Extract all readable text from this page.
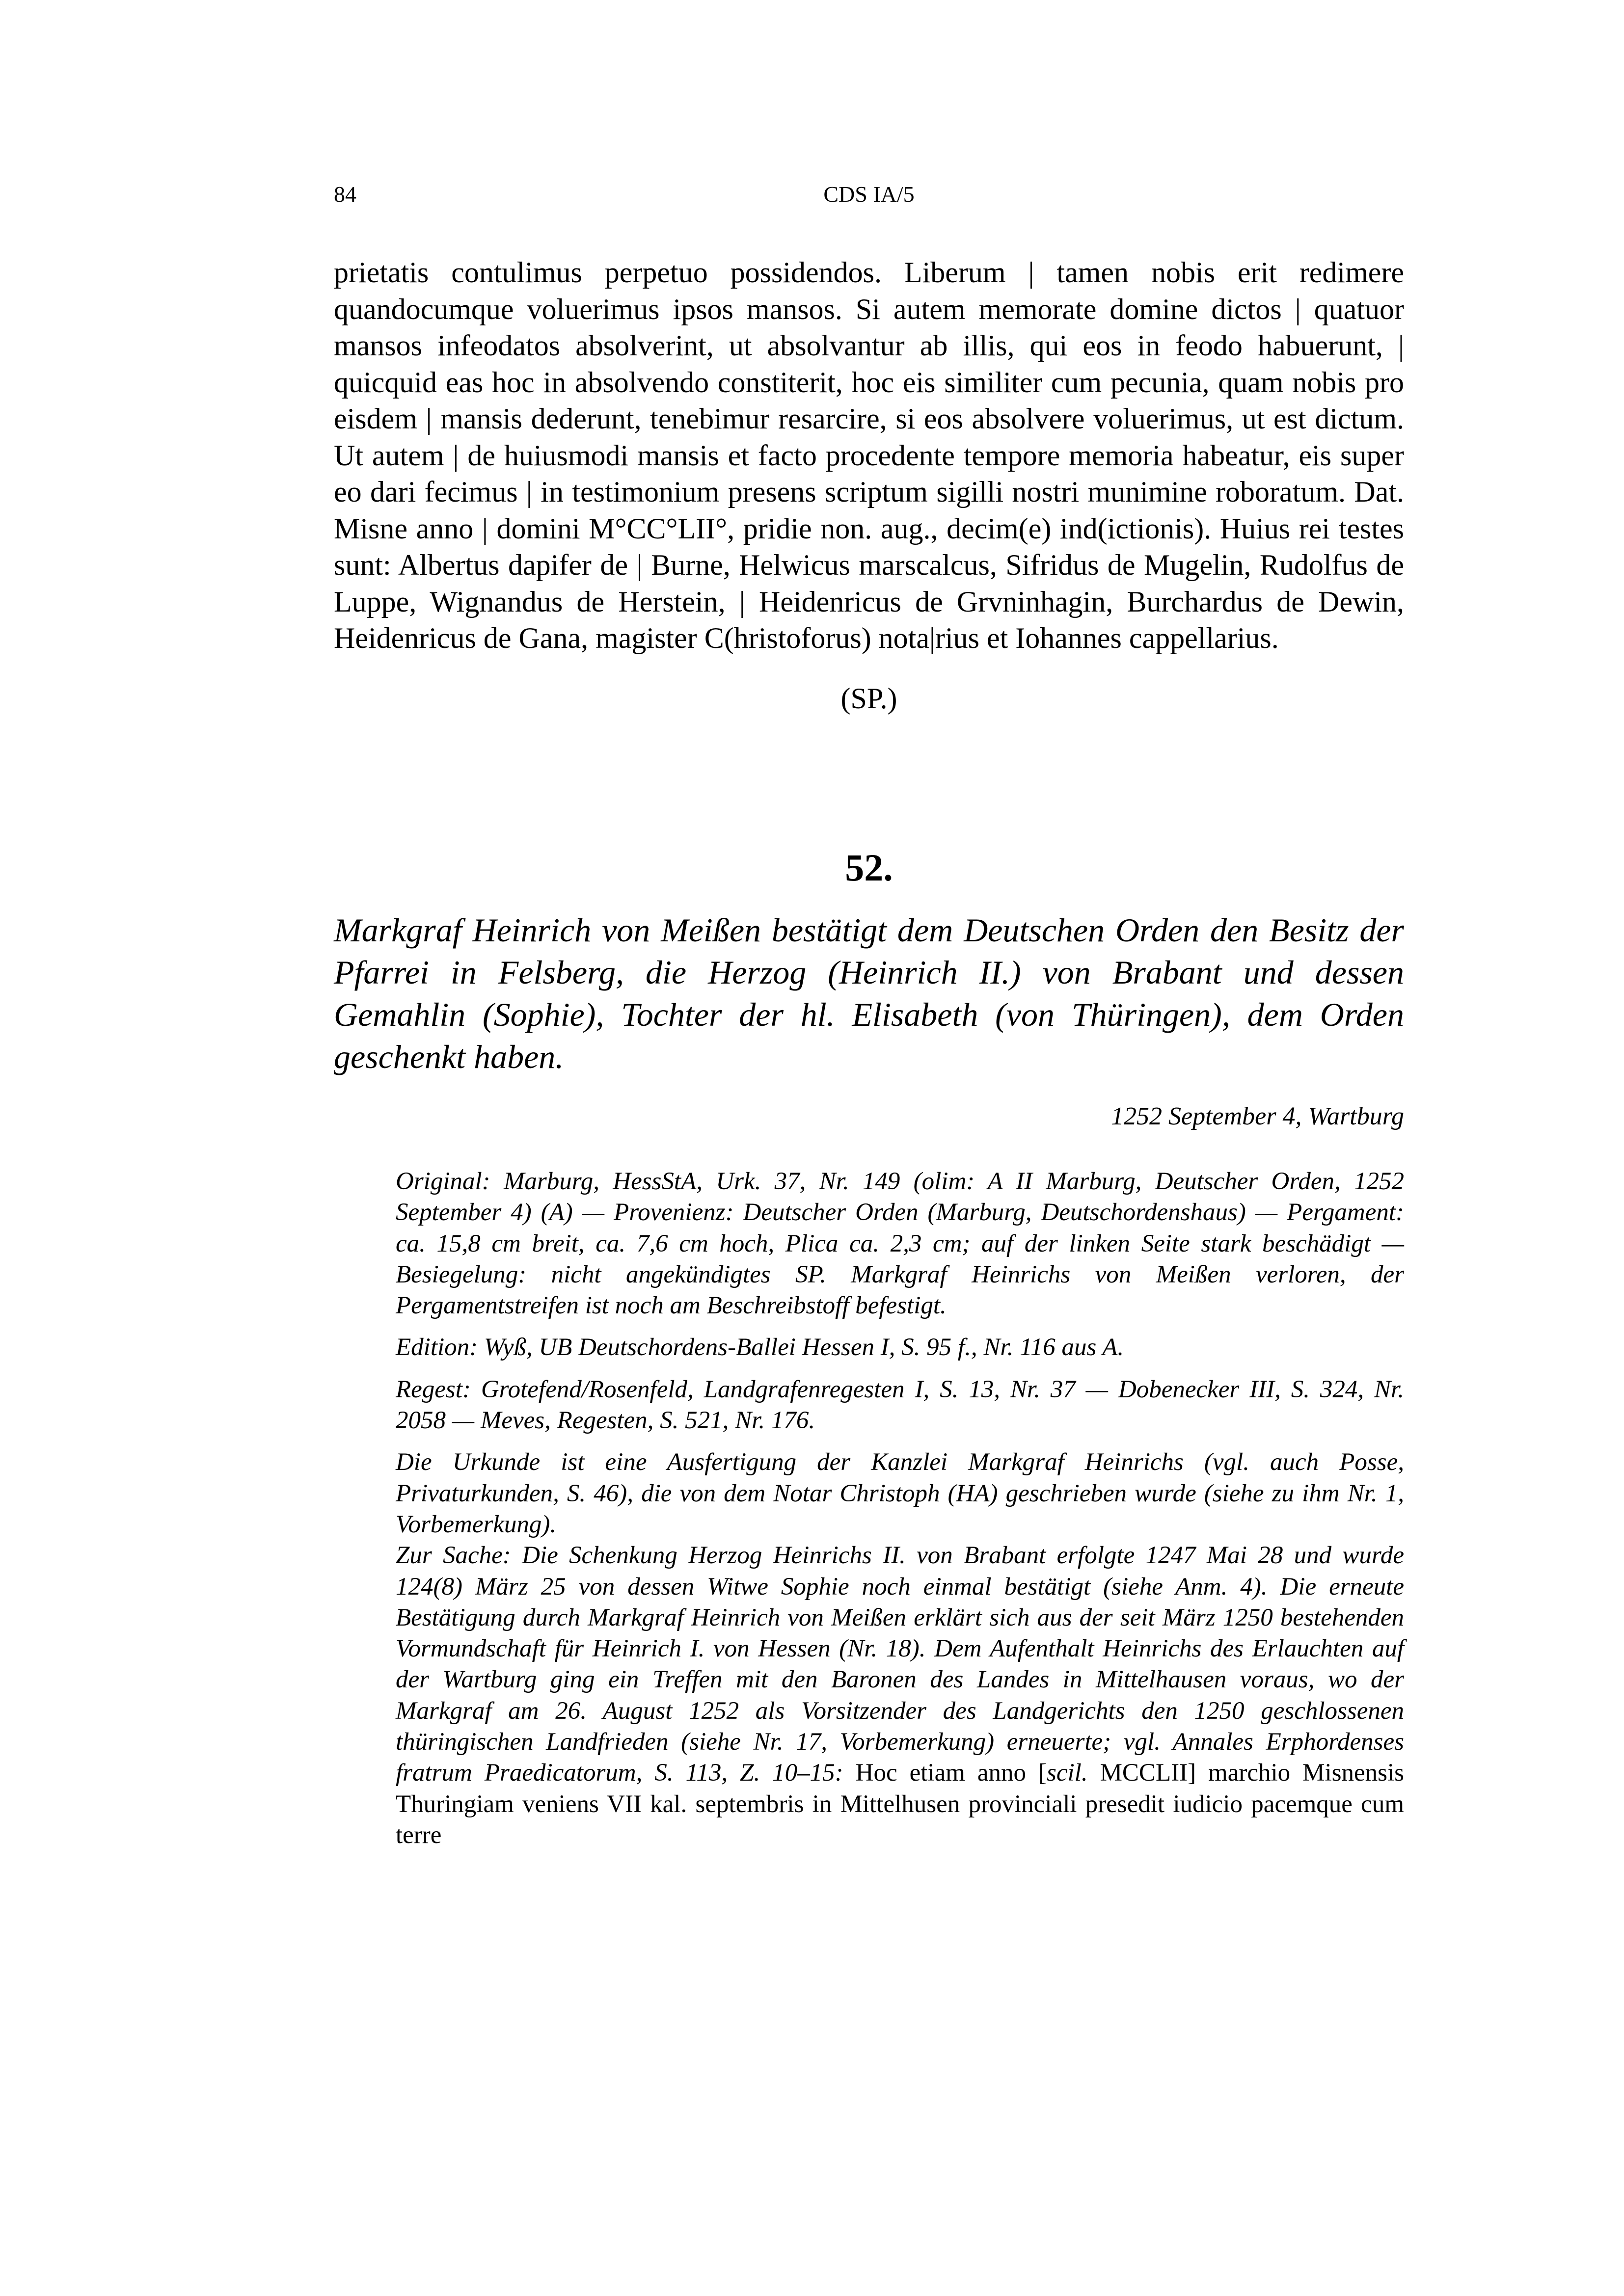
84	CDS IA/5

prietatis contulimus perpetuo possidendos. Liberum | tamen nobis erit redimere quandocumque voluerimus ipsos mansos. Si autem memorate domine dictos | quatuor mansos infeodatos absolverint, ut absolvantur ab illis, qui eos in feodo habuerunt, | quicquid eas hoc in absolvendo constiterit, hoc eis similiter cum pecunia, quam nobis pro eisdem | mansis dederunt, tenebimur resarcire, si eos absolvere voluerimus, ut est dictum. Ut autem | de huiusmodi mansis et facto procedente tempore memoria habeatur, eis super eo dari fecimus | in testimonium presens scriptum sigilli nostri munimine roboratum. Dat. Misne anno | domini M°CC°LII°, pridie non. aug., decim(e) ind(ictionis). Huius rei testes sunt: Albertus dapifer de | Burne, Helwicus marscalcus, Sifridus de Mugelin, Rudolfus de Luppe, Wignandus de Herstein, | Heidenricus de Grvninhagin, Burchardus de Dewin, Heidenricus de Gana, magister C(hristoforus) nota|rius et Iohannes cappellarius.

(SP.)

52.

Markgraf Heinrich von Meißen bestätigt dem Deutschen Orden den Besitz der Pfarrei in Felsberg, die Herzog (Heinrich II.) von Brabant und dessen Gemahlin (Sophie), Tochter der hl. Elisabeth (von Thüringen), dem Orden geschenkt haben.

1252 September 4, Wartburg

Original: Marburg, HessStA, Urk. 37, Nr. 149 (olim: A II Marburg, Deutscher Orden, 1252 September 4) (A) — Provenienz: Deutscher Orden (Marburg, Deutschordenshaus) — Pergament: ca. 15,8 cm breit, ca. 7,6 cm hoch, Plica ca. 2,3 cm; auf der linken Seite stark beschädigt — Besiegelung: nicht angekündigtes SP. Markgraf Heinrichs von Meißen verloren, der Pergamentstreifen ist noch am Beschreibstoff befestigt.

Edition: Wyß, UB Deutschordens-Ballei Hessen I, S. 95 f., Nr. 116 aus A.

Regest: Grotefend/Rosenfeld, Landgrafenregesten I, S. 13, Nr. 37 — Dobenecker III, S. 324, Nr. 2058 — Meves, Regesten, S. 521, Nr. 176.

Die Urkunde ist eine Ausfertigung der Kanzlei Markgraf Heinrichs (vgl. auch Posse, Privaturkunden, S. 46), die von dem Notar Christoph (HA) geschrieben wurde (siehe zu ihm Nr. 1, Vorbemerkung).

Zur Sache: Die Schenkung Herzog Heinrichs II. von Brabant erfolgte 1247 Mai 28 und wurde 124(8) März 25 von dessen Witwe Sophie noch einmal bestätigt (siehe Anm. 4). Die erneute Bestätigung durch Markgraf Heinrich von Meißen erklärt sich aus der seit März 1250 bestehenden Vormundschaft für Heinrich I. von Hessen (Nr. 18). Dem Aufenthalt Heinrichs des Erlauchten auf der Wartburg ging ein Treffen mit den Baronen des Landes in Mittelhausen voraus, wo der Markgraf am 26. August 1252 als Vorsitzender des Landgerichts den 1250 geschlossenen thüringischen Landfrieden (siehe Nr. 17, Vorbemerkung) erneuerte; vgl. Annales Erphordenses fratrum Praedicatorum, S. 113, Z. 10–15: Hoc etiam anno [scil. MCCLII] marchio Misnensis Thuringiam veniens VII kal. septembris in Mittelhusen provinciali presedit iudicio pacemque cum terre
